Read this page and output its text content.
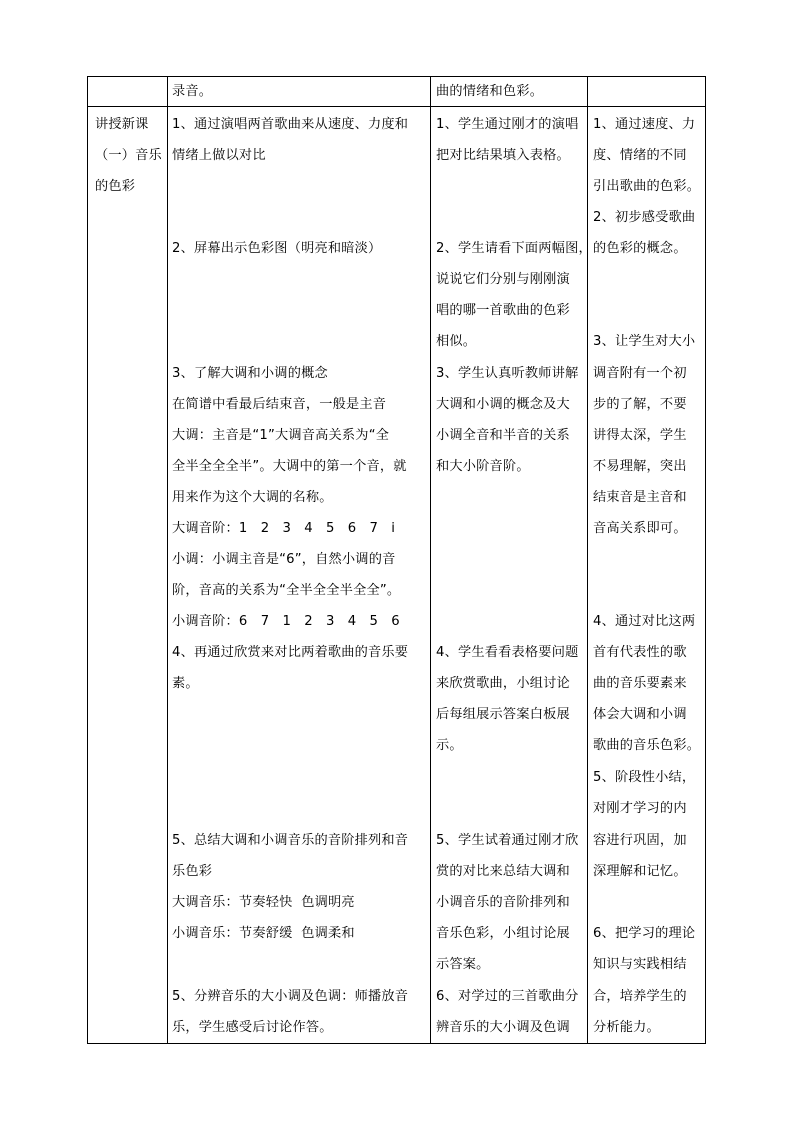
录音。	曲的情绪和色彩。
讲授新课
（一）音乐
的色彩
1、通过演唱两首歌曲来从速度、力度和
情绪上做以对比
2、屏幕出示色彩图（明亮和暗淡）
3、了解大调和小调的概念
在简谱中看最后结束音，一般是主音
大调：主音是“1”大调音高关系为“全
全半全全全半”。大调中的第一个音，就
用来作为这个大调的名称。
大调音阶：1   2   3   4   5   6   7   i
小调：小调主音是“6”，自然小调的音
阶，音高的关系为“全半全全半全全”。
小调音阶：6   7   1   2   3   4   5   6
4、再通过欣赏来对比两着歌曲的音乐要
素。
5、总结大调和小调音乐的音阶排列和音
乐色彩
大调音乐：节奏轻快  色调明亮
小调音乐：节奏舒缓  色调柔和
5、分辨音乐的大小调及色调：师播放音
乐，学生感受后讨论作答。
1、学生通过刚才的演唱
把对比结果填入表格。
2、学生请看下面两幅图，
说说它们分别与刚刚演
唱的哪一首歌曲的色彩
相似。
3、学生认真听教师讲解
大调和小调的概念及大
小调全音和半音的关系
和大小阶音阶。
4、学生看看表格要问题
来欣赏歌曲，小组讨论
后每组展示答案白板展
示。
5、学生试着通过刚才欣
赏的对比来总结大调和
小调音乐的音阶排列和
音乐色彩，小组讨论展
示答案。
6、对学过的三首歌曲分
辨音乐的大小调及色调
1、通过速度、力
度、情绪的不同
引出歌曲的色彩。
2、初步感受歌曲
的色彩的概念。
3、让学生对大小
调音附有一个初
步的了解，不要
讲得太深，学生
不易理解，突出
结束音是主音和
音高关系即可。
4、通过对比这两
首有代表性的歌
曲的音乐要素来
体会大调和小调
歌曲的音乐色彩。
5、阶段性小结，
对刚才学习的内
容进行巩固，加
深理解和记忆。
6、把学习的理论
知识与实践相结
合，培养学生的
分析能力。
